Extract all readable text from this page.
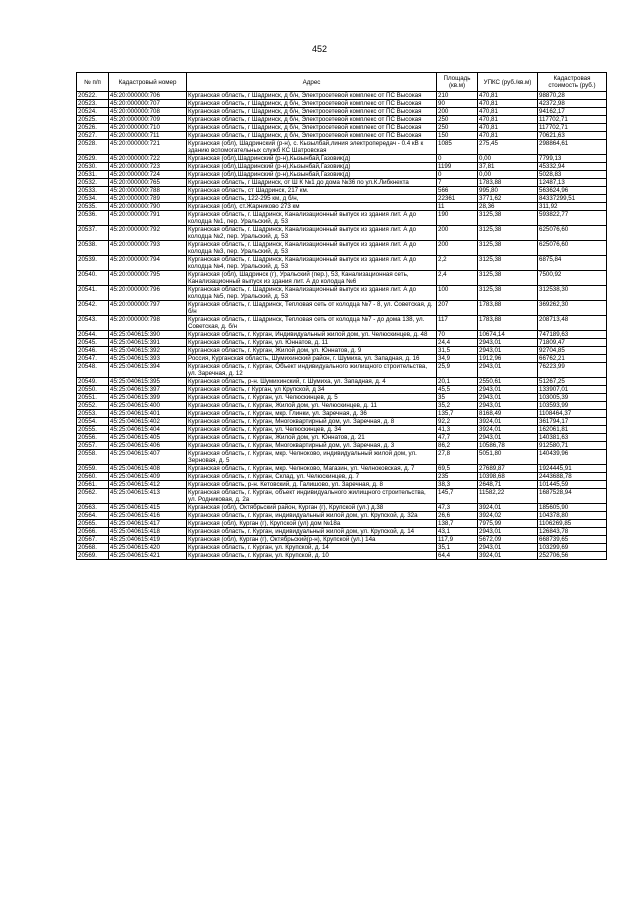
452
№ п/п	Кадастровый номер	Адрес	Площадь (кв.м)	УПКС (руб./кв.м)	Кадастровая стоимость (руб.)
20522.	45:20:000000:706	Курганская область, г Шадринск, д б/н, Электросетевой комплекс от ПС Высокая	210	470,81	98870,28
20523.	45:20:000000:707	Курганская область, г Шадринск, д б/н, Электросетевой комплекс от ПС Высокая	90	470,81	42372,98
20524.	45:20:000000:708	Курганская область, г Шадринск, д б/н, Электросетевой комплекс от ПС Высокая	200	470,81	94162,17
20525.	45:20:000000:709	Курганская область, г Шадринск, д б/н, Электросетевой комплекс от ПС Высокая	250	470,81	117702,71
20526.	45:20:000000:710	Курганская область, г Шадринск, д б/н, Электросетевой комплекс от ПС Высокая	250	470,81	117702,71
20527.	45:20:000000:711	Курганская область, г Шадринск, д б/н, Электросетевой комплекс от ПС Высокая	150	470,81	70621,63
20528.	45:20:000000:721	Курганская (обл), Шадринский (р-н), с. Кызылбай,линия электропередач - 0.4 кВ к зданию вспомогательных служб КС Шатровская	1085	275,45	298864,61
20529.	45:20:000000:722	Курганская (обл),Шадринский (р-н),Кызынбай,Газовик(д)	0	0,00	7799,13
20530.	45:20:000000:723	Курганская (обл),Шадринский (р-н),Кызынбай,Газовик(д)	1199	37,81	45332,94
20531.	45:20:000000:724	Курганская (обл),Шадринский (р-н),Кызынбай,Газовик(д)	0	0,00	5028,83
20532.	45:20:000000:765	Курганская область, г Шадринск, от Ш К №1 до дома №36 по ул.К.Либкнехта	7	1783,88	12487,13
20533.	45:20:000000:788	Курганская область, ст Шадринск, 217 км.	566	995,80	563624,96
20534.	45:20:000000:789	Курганская область, 122-295 км, д б/н,	22361	3771,62	84337299,51
20535.	45:20:000000:790	Курганская (обл), ст.Жарниково 273 км	11	28,36	311,92
20536.	45:20:000000:791	Курганская область, г. Шадринск, Канализационный выпуск из здания лит. А до колодца №1, пер. Уральский, д. 53	190	3125,38	593822,77
20537.	45:20:000000:792	Курганская область, г. Шадринск, Канализационный выпуск из здания лит. А до колодца №2, пер. Уральский, д. 53	200	3125,38	625076,60
20538.	45:20:000000:793	Курганская область, г. Шадринск, Канализационный выпуск из здания лит. А до колодца №3, пер. Уральский, д. 53	200	3125,38	625076,60
20539.	45:20:000000:794	Курганская область, г. Шадринск, Канализационный выпуск из здания лит. А до колодца №4, пер. Уральский, д. 53	2,2	3125,38	6875,84
20540.	45:20:000000:795	Курганская (обл), Шадринск (г), Уральский (пер.), 53, Канализационная сеть, Канализационный выпуск из здания лит. А до колодца №6	2,4	3125,38	7500,92
20541.	45:20:000000:796	Курганская область, г. Шадринск, Канализационный выпуск из здания лит. А до колодца №5, пер. Уральский, д. 53	100	3125,38	312538,30
20542.	45:20:000000:797	Курганская область, г. Шадринск, Тепловая сеть от колодца №7 - 8, ул. Советская, д. б/н	207	1783,88	369262,30
20543.	45:20:000000:798	Курганская область, г. Шадринск, Тепловая сеть от колодца №7 - до дома 138, ул. Советская, д. б/н	117	1783,88	208713,48
20544.	45:25:040615:390	Курганская область, г. Курган, Индивидуальный жилой дом, ул. Челюскинцев, д. 48	70	10674,14	747189,63
20545.	45:25:040615:391	Курганская область, г. Курган, ул. Юннатов, д. 11	24,4	2943,01	71809,47
20546.	45:25:040615:392	Курганская область, г. Курган, Жилой дом, ул. Юннатов, д. 9	31,5	2943,01	92704,85
20547.	45:25:040615:393	Россия, Курганская область, Шумихинский район, г. Шумиха, ул. Западная, д. 16	34,9	1912,96	66762,21
20548.	45:25:040615:394	Курганская область, г. Курган, Объект индивидуального жилищного строительства, ул. Заречная, д. 12	25,9	2943,01	76223,99
20549.	45:25:040615:395	Курганская область, р-н. Шумихинский, г. Шумиха, ул. Западная, д. 4	20,1	2550,61	51267,25
20550.	45:25:040615:397	Курганская область, г Курган, ул Крупской, д 34	45,5	2943,01	133907,01
20551.	45:25:040615:399	Курганская область, г. Курган, ул. Челюскинцев, д. 5	35	2943,01	103005,39
20552.	45:25:040615:400	Курганская область, г. Курган, Жилой дом, ул. Челюскинцев, д. 11	35,2	2943,01	103593,99
20553.	45:25:040615:401	Курганская область, г. Курган, мкр. Глинки, ул. Заречная, д. 36	135,7	8168,49	1108464,37
20554.	45:25:040615:402	Курганская область, г. Курган, Многоквартирный дом, ул. Заречная, д. 8	92,2	3924,01	361794,17
20555.	45:25:040615:404	Курганская область, г. Курган, ул. Челюскинцев, д. 34	41,3	3924,01	162061,81
20556.	45:25:040615:405	Курганская область, г. Курган, Жилой дом, ул. Юннатов, д. 21	47,7	2943,01	140381,63
20557.	45:25:040615:406	Курганская область, г. Курган, Многоквартирный дом, ул. Заречная, д. 3	86,2	10586,78	912580,71
20558.	45:25:040615:407	Курганская область, г. Курган, мкр. Челноково, индивидуальный жилой дом, ул. Зерновая, д. 5	27,8	5051,80	140439,96
20559.	45:25:040615:408	Курганская область, г. Курган, мкр. Челноково, Магазин, ул. Челноковская, д. 7	69,5	27689,87	1924445,91
20560.	45:25:040615:409	Курганская область, г. Курган, Склад, ул. Челюскинцев, д. 7	235	10398,68	2443688,78
20561.	45:25:040615:412	Курганская область, р-н. Кетовский, д. Галишово, ул. Заречная, д. 8	38,3	2648,71	101445,59
20562.	45:25:040615:413	Курганская область, г. Курган, объект индивидуального жилищного строительства, ул. Родниковая, д. 2а	145,7	11582,22	1687528,94
20563.	45:25:040615:415	Курганская (обл), Октябрьский район, Курган (г), Крупской (ул.) д.38	47,3	3924,01	185605,90
20564.	45:25:040615:416	Курганская область, г. Курган, индивидуальный жилой дом, ул. Крупской, д. 32а	26,6	3924,02	104378,80
20565.	45:25:040615:417	Курганская (обл), Курган (г), Крупской (ул) дом №18а	138,7	7975,99	1106269,85
20566.	45:25:040615:418	Курганская область, г. Курган, индивидуальный жилой дом, ул. Крупской, д. 14	43,1	2943,01	126843,78
20567.	45:25:040615:419	Курганская (обл), Курган (г), Октябрьский(р-н), Крупской (ул.) 14а	117,9	5672,09	668739,65
20568.	45:25:040615:420	Курганская область, г. Курган, ул. Крупской, д. 14	35,1	2943,01	103299,69
20569.	45:25:040615:421	Курганская область, г. Курган, ул. Крупской, д. 10	64,4	3924,01	252706,56
